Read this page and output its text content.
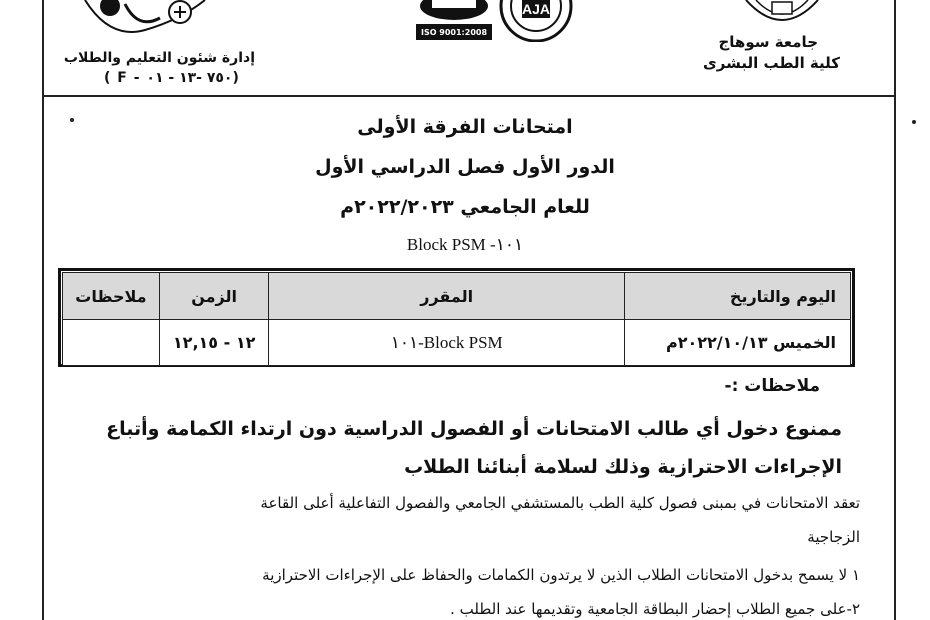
ISO 9001:2008
AJA
إدارة شئون التعليم والطلاب
( F - ٧٥٠ -١٣ - ٠١)
جامعة سوهاج
كلية الطب البشرى
امتحانات الفرقة الأولى
الدور الأول فصل الدراسي الأول
للعام الجامعي ٢٠٢٢/٢٠٢٣م
Block PSM -١٠١
اليوم والتاريخ	المقرر	الزمن	ملاحظات
الخميس ٢٠٢٢/١٠/١٣م	Block PSM-١٠١	١٢ - ١٢,١٥	
ملاحظات :-
ممنوع دخول أي طالب الامتحانات أو الفصول الدراسية دون ارتداء الكمامة وأتباع
الإجراءات الاحترازية وذلك لسلامة أبنائنا الطلاب
تعقد الامتحانات في بمبنى فصول كلية الطب بالمستشفي الجامعي والفصول التفاعلية أعلى القاعة
الزجاجية
١ لا يسمح بدخول الامتحانات الطلاب الذين لا يرتدون الكمامات والحفاظ على الإجراءات الاحترازية
٢-على جميع الطلاب إحضار البطاقة الجامعية وتقديمها عند الطلب .
